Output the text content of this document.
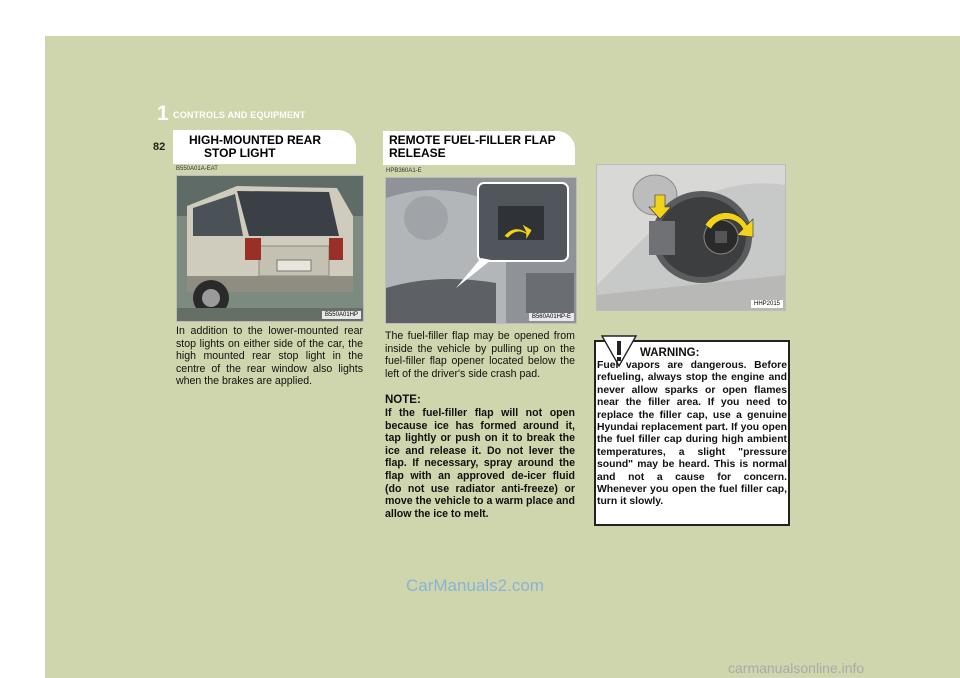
1 CONTROLS AND EQUIPMENT
82 HIGH-MOUNTED REAR
STOP LIGHT
B550A01A-EAT
B550A01HP
In addition to the lower-mounted rear stop lights on either side of the car, the high mounted rear stop light in the centre of the rear window also lights when the brakes are applied.
REMOTE FUEL-FILLER FLAP
RELEASE
HPB360A1-E
B560A01HP-E
The fuel-filler flap may be opened from inside the vehicle by pulling up on the fuel-filler flap opener located below the left of the driver's side crash pad.
NOTE:
If the fuel-filler flap will not open because ice has formed around it, tap lightly or push on it to break the ice and release it. Do not lever the flap. If necessary, spray around the flap with an approved de-icer fluid (do not use radiator anti-freeze) or move the vehicle to a warm place and allow the ice to melt.
HHP2015
WARNING:
Fuel vapors are dangerous. Before refueling, always stop the engine and never allow sparks or open flames near the filler area. If you need to replace the filler cap, use a genuine Hyundai replacement part. If you open the fuel filler cap during high ambient temperatures, a slight "pressure sound" may be heard. This is normal and not a cause for concern. Whenever you open the fuel filler cap, turn it slowly.
CarManuals2.com
carmanualsonline.info
